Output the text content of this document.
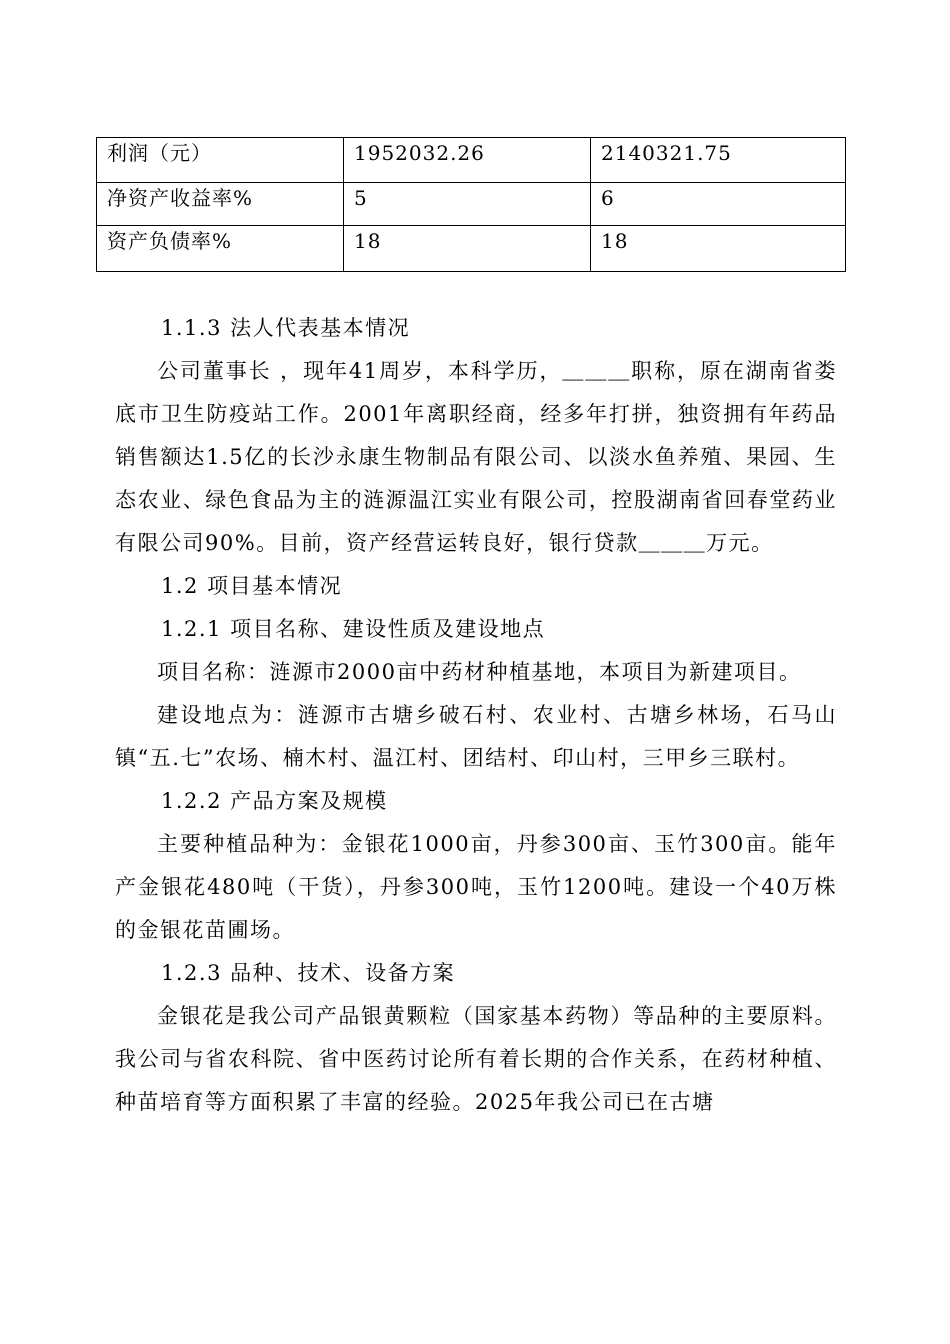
利润（元）	1952032.26	2140321.75
净资产收益率%	5	6
资产负债率%	18	18

1.1.3 法人代表基本情况

公司董事长 ，现年41周岁，本科学历，＿＿＿职称，原在湖南省娄底市卫生防疫站工作。2001年离职经商，经多年打拼，独资拥有年药品销售额达1.5亿的长沙永康生物制品有限公司、以淡水鱼养殖、果园、生态农业、绿色食品为主的涟源温江实业有限公司，控股湖南省回春堂药业有限公司90%。目前，资产经营运转良好，银行贷款＿＿＿万元。

1.2 项目基本情况

1.2.1 项目名称、建设性质及建设地点

项目名称：涟源市2000亩中药材种植基地，本项目为新建项目。

建设地点为：涟源市古塘乡破石村、农业村、古塘乡林场，石马山镇“五.七”农场、楠木村、温江村、团结村、印山村，三甲乡三联村。

1.2.2 产品方案及规模

主要种植品种为：金银花1000亩，丹参300亩、玉竹300亩。能年产金银花480吨（干货），丹参300吨，玉竹1200吨。建设一个40万株的金银花苗圃场。

1.2.3 品种、技术、设备方案

金银花是我公司产品银黄颗粒（国家基本药物）等品种的主要原料。我公司与省农科院、省中医药讨论所有着长期的合作关系，在药材种植、种苗培育等方面积累了丰富的经验。2025年我公司已在古塘
